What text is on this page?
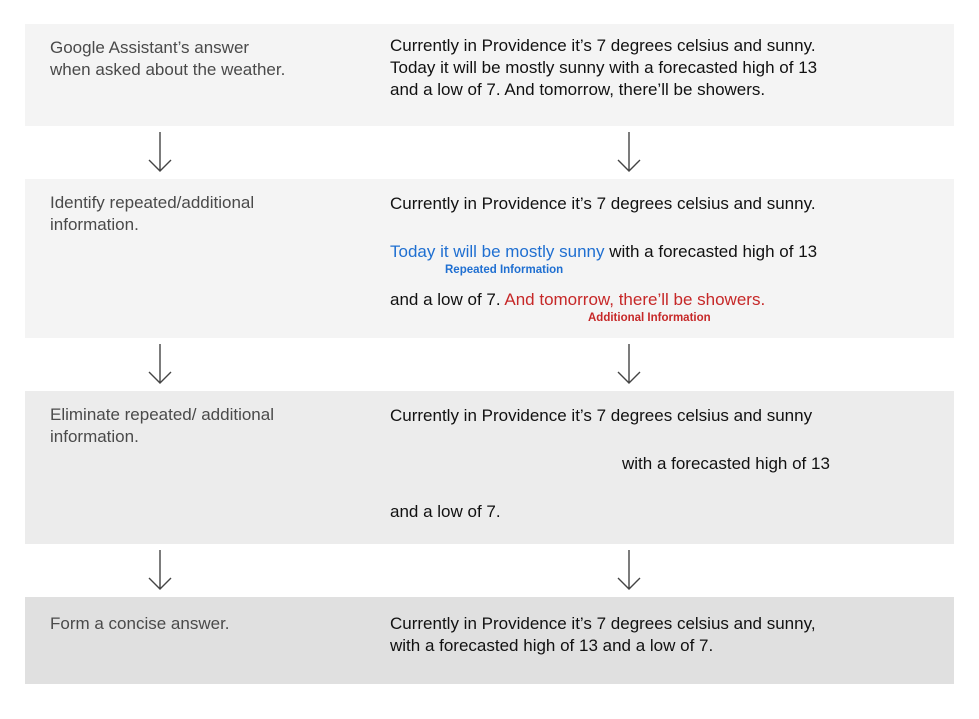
Google Assistant’s answer when asked about the weather.
Currently in Providence it’s 7 degrees celsius and sunny.
Today it will be mostly sunny with a forecasted high of 13
and a low of 7. And tomorrow, there’ll be showers.
Identify repeated/additional information.
Currently in Providence it’s 7 degrees celsius and sunny.
Today it will be mostly sunny with a forecasted high of 13
Repeated Information
and a low of 7. And tomorrow, there’ll be showers.
Additional Information
Eliminate repeated/ additional information.
Currently in Providence it’s 7 degrees celsius and sunny
with a forecasted high of 13
and a low of 7.
Form a concise answer.	Currently in Providence it’s 7 degrees celsius and sunny,
with a forecasted high of 13 and a low of 7.
